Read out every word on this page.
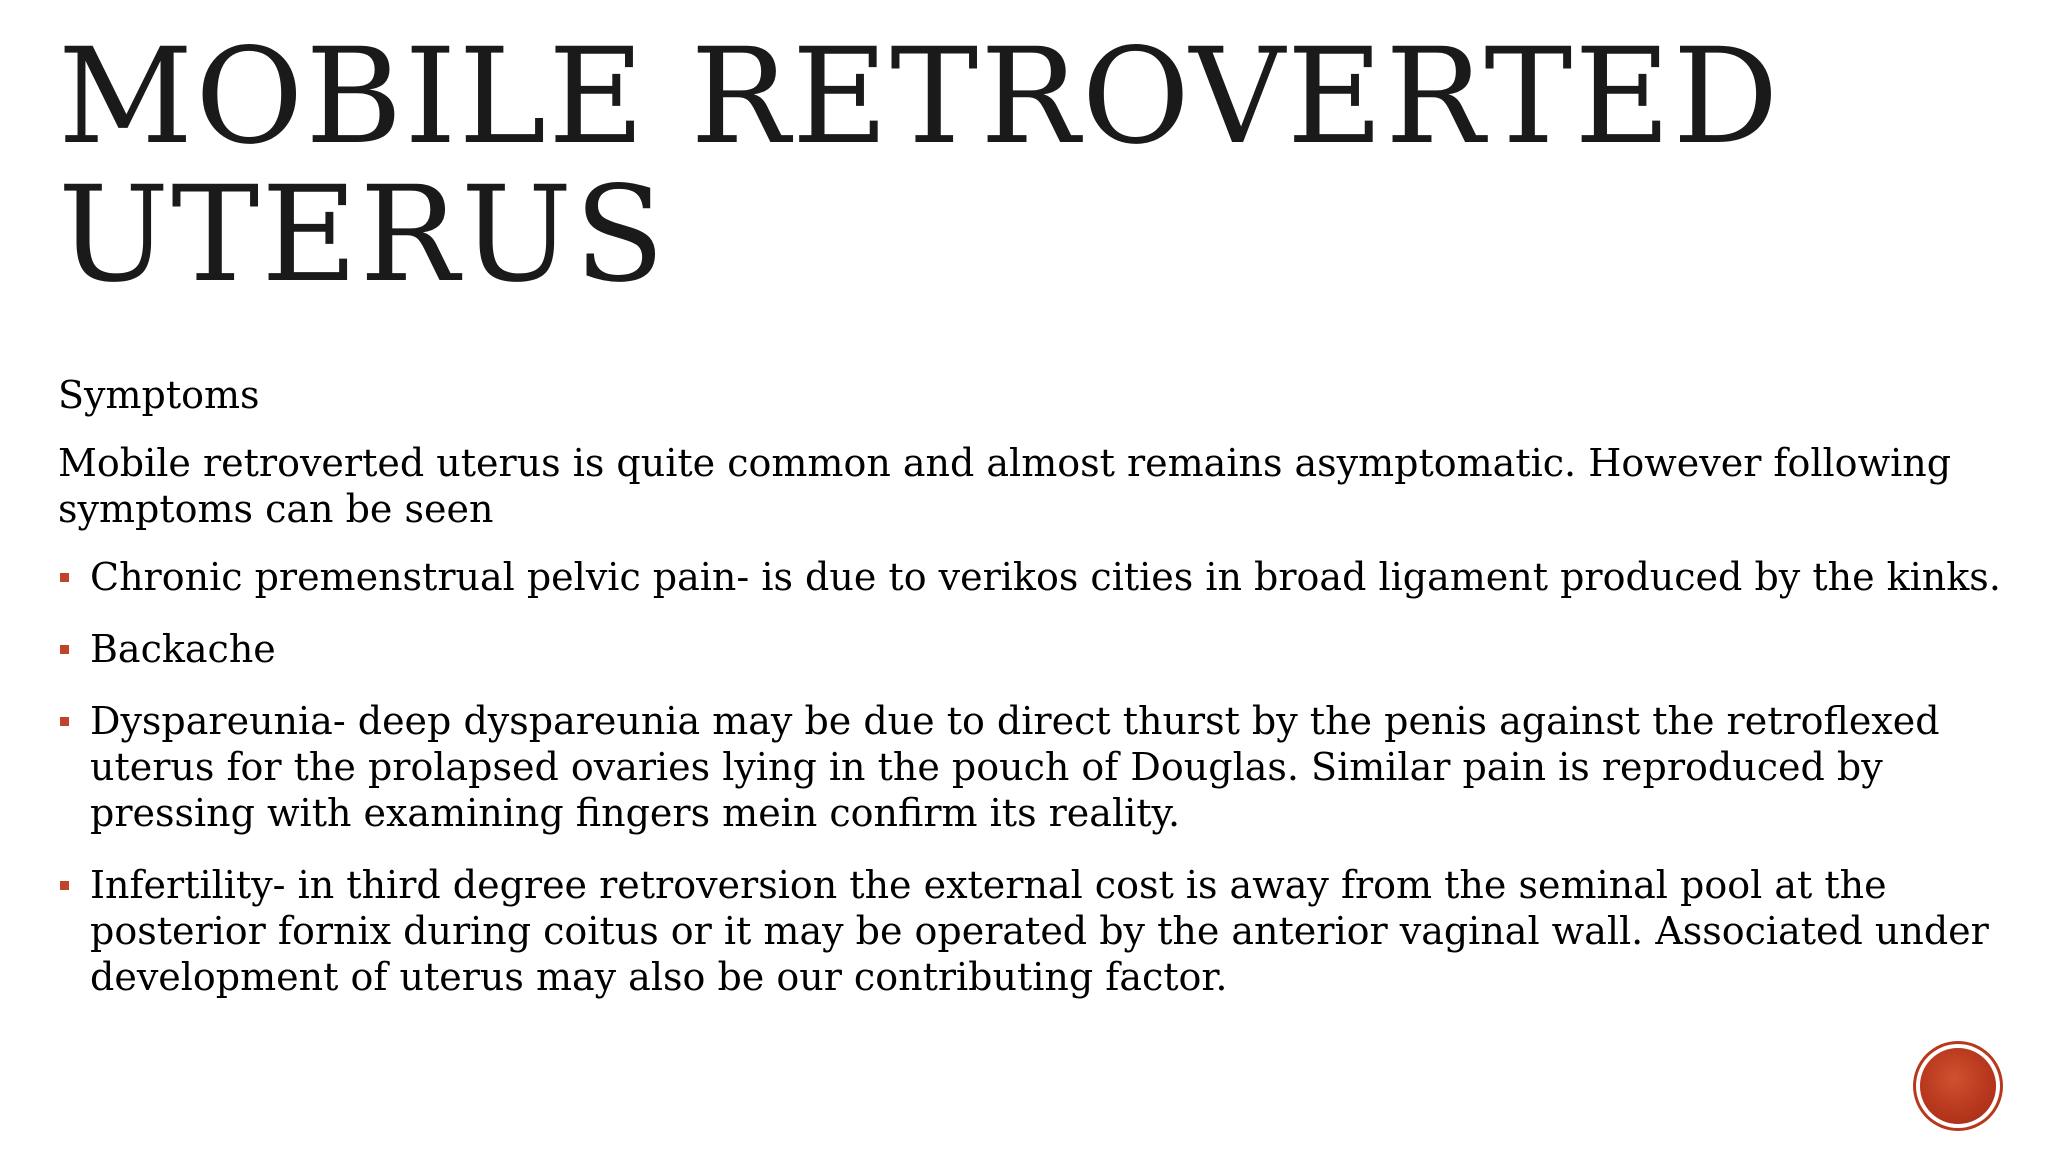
MOBILE RETROVERTED
UTERUS

Symptoms

Mobile retroverted uterus is quite common and almost remains asymptomatic. However following symptoms can be seen

Chronic premenstrual pelvic pain- is due to verikos cities in broad ligament produced by the kinks.
Backache
Dyspareunia- deep dyspareunia may be due to direct thurst by the penis against the retroflexed uterus for the prolapsed ovaries lying in the pouch of Douglas. Similar pain is reproduced by pressing with examining fingers mein confirm its reality.
Infertility- in third degree retroversion the external cost is away from the seminal pool at the posterior fornix during coitus or it may be operated by the anterior vaginal wall. Associated under development of uterus may also be our contributing factor.
